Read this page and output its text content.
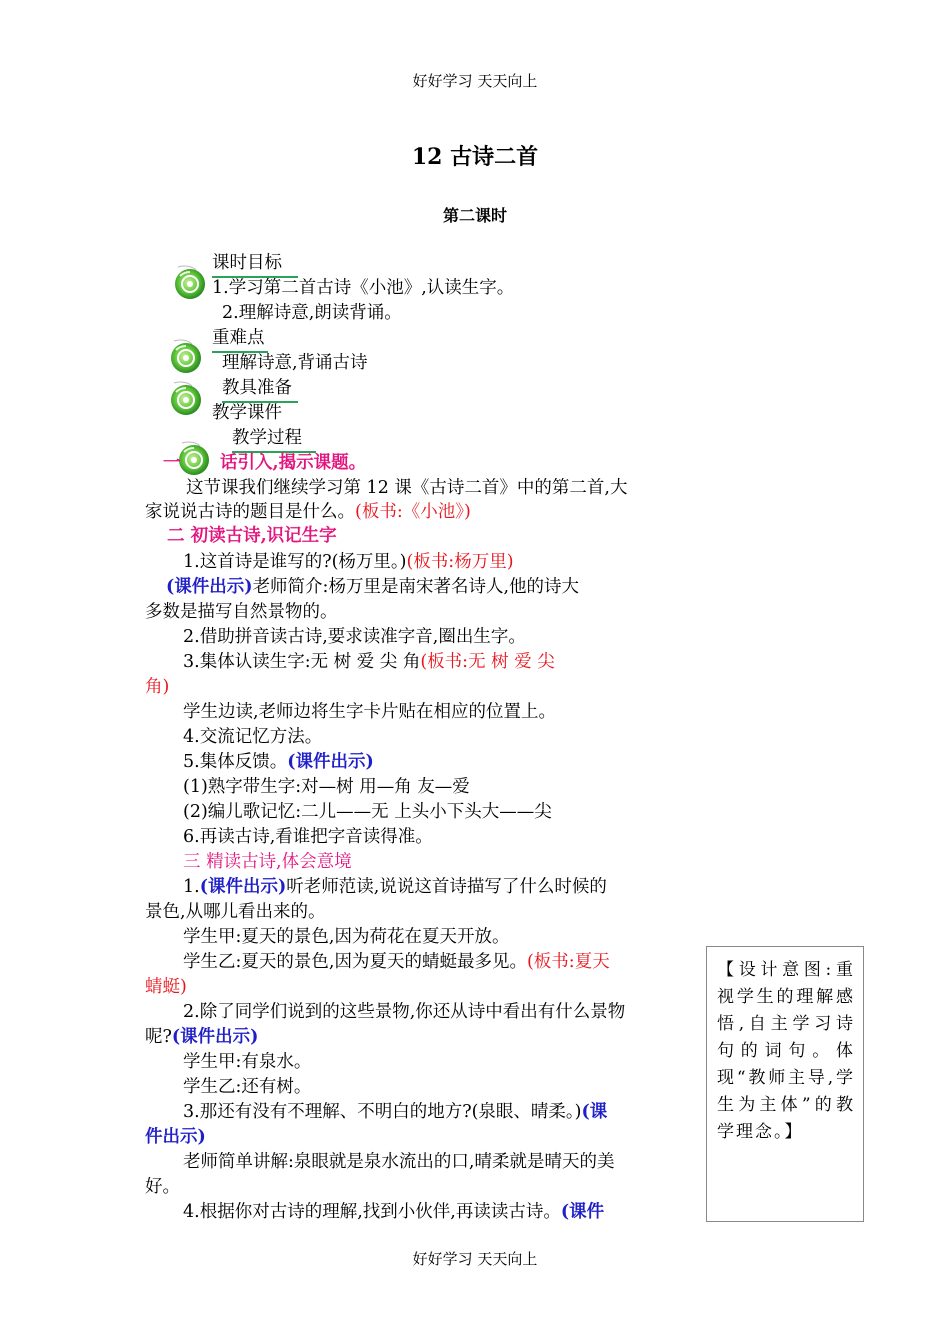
好好学习 天天向上
12 古诗二首
第二课时
课时目标
1.学习第二首古诗《小池》,认读生字。
2.理解诗意,朗读背诵。
重难点
理解诗意,背诵古诗
教具准备
教学课件
教学过程
一 话引入,揭示课题。
这节课我们继续学习第 12 课《古诗二首》中的第二首,大
家说说古诗的题目是什么。(板书:《小池》)
二 初读古诗,识记生字
1.这首诗是谁写的?(杨万里。)(板书:杨万里)
(课件出示)老师简介:杨万里是南宋著名诗人,他的诗大
多数是描写自然景物的。
2.借助拼音读古诗,要求读准字音,圈出生字。
3.集体认读生字:无 树 爱 尖 角(板书:无 树 爱 尖
角)
学生边读,老师边将生字卡片贴在相应的位置上。
4.交流记忆方法。
5.集体反馈。(课件出示)
(1)熟字带生字:对—树 用—角 友—爱
(2)编儿歌记忆:二儿——无 上头小下头大——尖
6.再读古诗,看谁把字音读得准。
三 精读古诗,体会意境
1.(课件出示)听老师范读,说说这首诗描写了什么时候的
景色,从哪儿看出来的。
学生甲:夏天的景色,因为荷花在夏天开放。
学生乙:夏天的景色,因为夏天的蜻蜓最多见。(板书:夏天
蜻蜓)
2.除了同学们说到的这些景物,你还从诗中看出有什么景物
呢?(课件出示)
学生甲:有泉水。
学生乙:还有树。
3.那还有没有不理解、不明白的地方?(泉眼、晴柔。)(课
件出示)
老师简单讲解:泉眼就是泉水流出的口,晴柔就是晴天的美
好。
4.根据你对古诗的理解,找到小伙伴,再读读古诗。(课件

【设计意图:重视学生的理解感悟,自主学习诗句的词句。体现“教师主导,学生为主体”的教学理念。】

好好学习 天天向上
